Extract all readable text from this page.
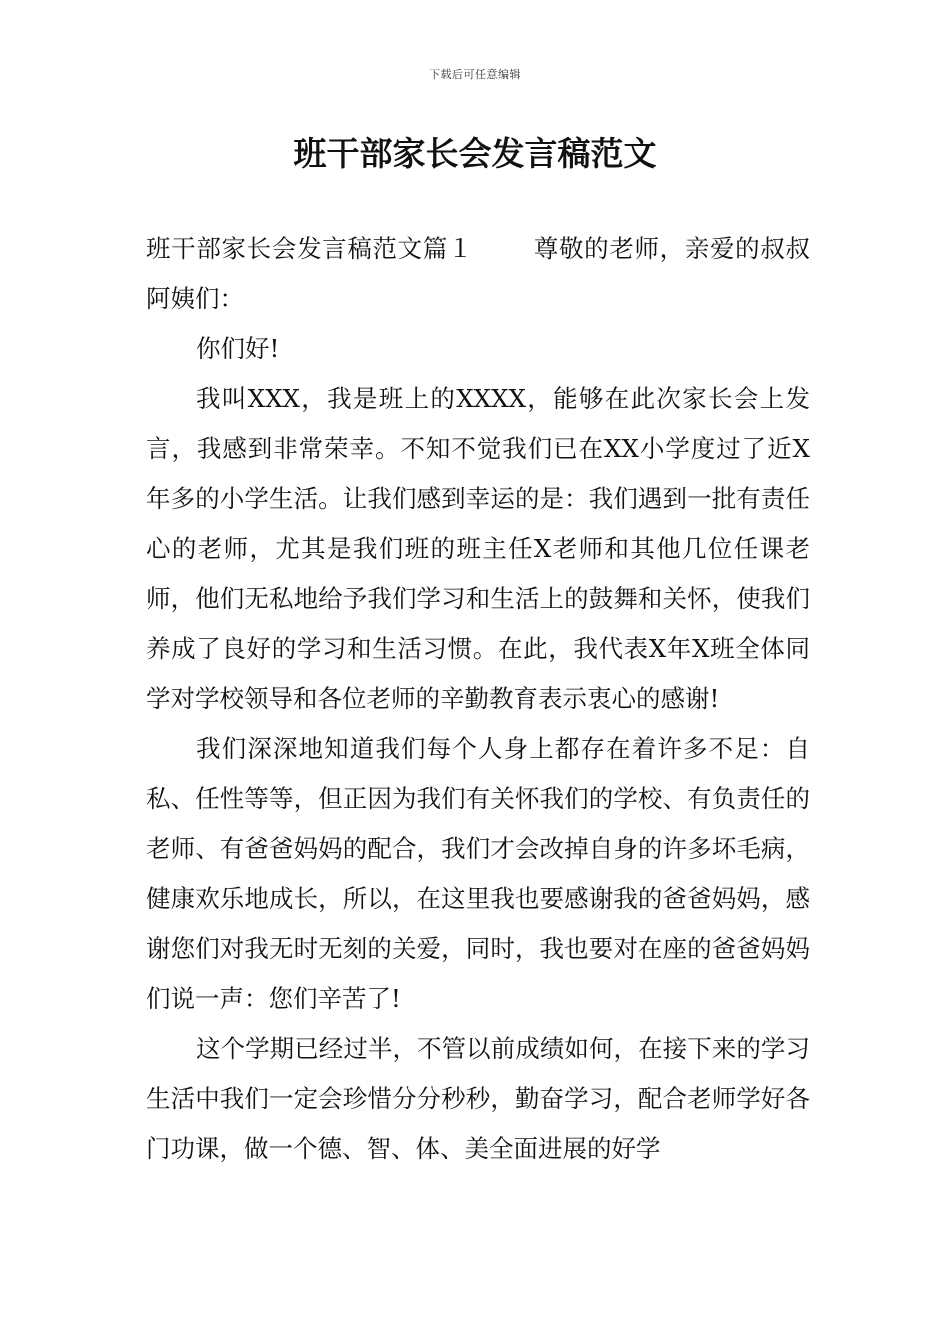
下载后可任意编辑
班干部家长会发言稿范文

班干部家长会发言稿范文篇１ 尊敬的老师，亲爱的叔叔阿姨们：

你们好!

我叫XXX，我是班上的XXXX，能够在此次家长会上发言，我感到非常荣幸。不知不觉我们已在XX小学度过了近X年多的小学生活。让我们感到幸运的是：我们遇到一批有责任心的老师，尤其是我们班的班主任X老师和其他几位任课老师，他们无私地给予我们学习和生活上的鼓舞和关怀，使我们养成了良好的学习和生活习惯。在此，我代表X年X班全体同学对学校领导和各位老师的辛勤教育表示衷心的感谢!

我们深深地知道我们每个人身上都存在着许多不足：自私、任性等等，但正因为我们有关怀我们的学校、有负责任的老师、有爸爸妈妈的配合，我们才会改掉自身的许多坏毛病，健康欢乐地成长，所以，在这里我也要感谢我的爸爸妈妈，感谢您们对我无时无刻的关爱，同时，我也要对在座的爸爸妈妈们说一声：您们辛苦了!

这个学期已经过半，不管以前成绩如何，在接下来的学习生活中我们一定会珍惜分分秒秒，勤奋学习，配合老师学好各门功课，做一个德、智、体、美全面进展的好学
